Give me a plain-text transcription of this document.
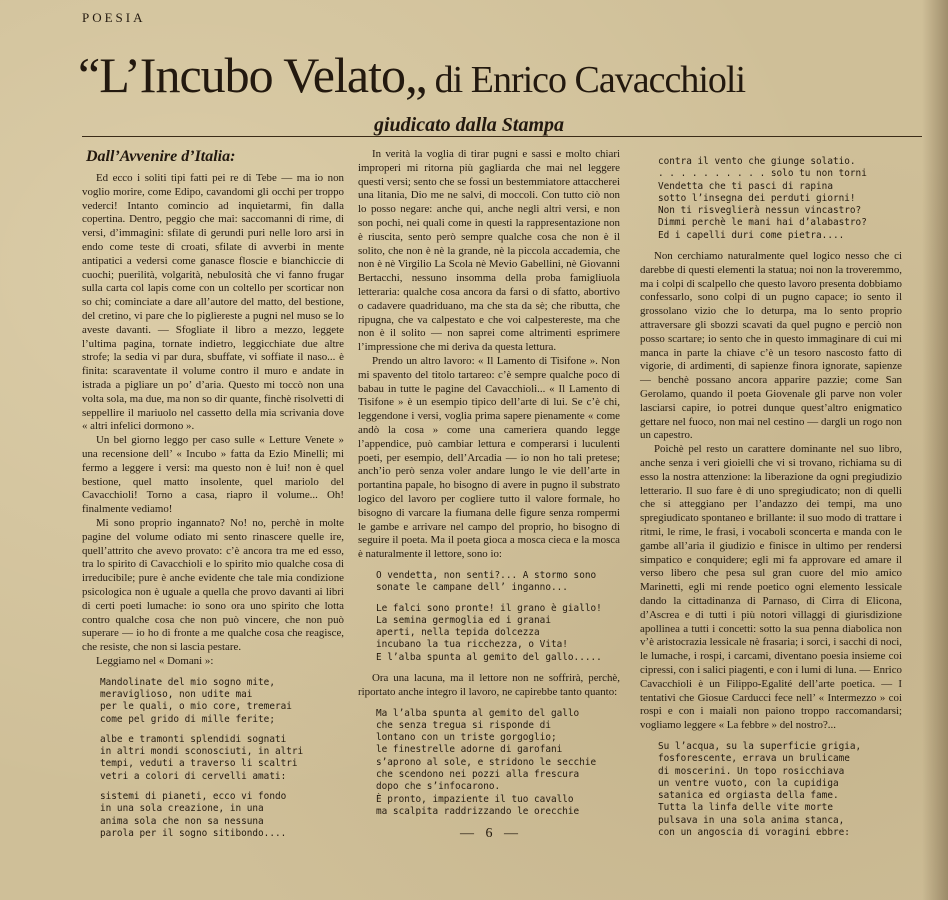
POESIA
“L’Incubo Velato„ di Enrico Cavacchioli
giudicato dalla Stampa

Dall’Avvenire d’Italia:

Ed ecco i soliti tipi fatti pei re di Tebe — ma io non voglio morire, come Edipo, cavandomi gli occhi per troppo vederci! Intanto comincio ad inquietarmi, fin dalla copertina. Dentro, peggio che mai: saccomanni di rime, di versi, d’immagini: sfilate di gerundi puri nelle loro arsi in endo come teste di croati, sfilate di avverbi in mente antipatici a vedersi come ganasce floscie e bianchiccie di cuochi; puerilità, volgarità, nebulosità che vi fanno frugar sulla carta col lapis come con un coltello per scorticar non so chi; cominciate a dare all’autore del matto, del bestione, del cretino, vi pare che lo piglìereste a pugni nel muso se lo aveste davanti. — Sfogliate il libro a mezzo, leggete l’ultima pagina, tornate indietro, leggicchiate due altre strofe; la sedia vi par dura, sbuffate, vi soffiate il naso... è finita: scaraventate il volume contro il muro e andate in istrada a pigliare un po’ d’aria. Questo mi toccò non una volta sola, ma due, ma non so dir quante, finchè risolvetti di seppellire il mariuolo nel cassetto della mia scrivania dove « altri infelici dormono ».

Un bel giorno leggo per caso sulle « Letture Venete » una recensione dell’ « Incubo » fatta da Ezio Minelli; mi fermo a leggere i versi: ma questo non è lui! non è quel bestione, quel matto insolente, quel mariolo del Cavacchioli! Torno a casa, riapro il volume... Oh! finalmente vediamo!

Mi sono proprio ingannato? No! no, perchè in molte pagine del volume odiato mi sento rinascere quelle ire, quell’attrito che avevo provato: c’è ancora tra me ed esso, tra lo spirito di Cavacchioli e lo spirito mio qualche cosa di irreducibile; pure è anche evidente che tale mia condizione psicologica non è uguale a quella che provo davanti ai libri di certi poeti lumache: io sono ora uno spirito che lotta contro qualche cosa che non può vincere, che non può superare — io ho di fronte a me qualche cosa che reagisce, che resiste, che non si lascia pestare.

Leggiamo nel « Domani »:

Mandolinate del mio sogno mite,
meraviglioso, non udite mai
per le quali, o mio core, tremerai
come pel grido di mille ferite;
albe e tramonti splendidi sognati
in altri mondi sconosciuti, in altri
tempi, veduti a traverso li scaltri
vetri a colori di cervelli amati:
sistemi di pianeti, ecco vi fondo
in una sola creazione, in una
anima sola che non sa nessuna
parola per il sogno sitibondo....

In verità la voglia di tirar pugni e sassi e molto chiari improperi mi ritorna più gagliarda che mai nel leggere questi versi; sento che se fossi un bestemmiatore attaccherei una litania, Dio me ne salvi, di moccoli. Con tutto ciò non lo posso negare: anche qui, anche negli altri versi, e non son pochi, nei quali come in questi la rappresentazione non è riuscita, sento però sempre qualche cosa che non è il solito, che non è nè la grande, nè la piccola accademia, che non è nè Virgilio La Scola nè Mevio Gabellini, nè Giovanni Bertacchi, nessuno insomma della proba famigliuola letteraria: qualche cosa ancora da farsi o di sfatto, abortivo o cadavere quadriduano, ma che sta da sè; che ributta, che ripugna, che va calpestato e che voi calpestereste, ma che non è il solito — non saprei come altrimenti esprimere l’impressione che mi deriva da questa lettura.

Prendo un altro lavoro: « Il Lamento di Tisifone ». Non mi spavento del titolo tartareo: c’è sempre qualche poco di babau in tutte le pagine del Cavacchioli... « Il Lamento di Tisifone » è un esempio tipico dell’arte di lui. Se c’è chi, leggendone i versi, voglia prima sapere pienamente « come andò la cosa » come una cameriera quando legge l’appendice, può cambiar lettura e comperarsi i luculenti poeti, per esempio, dell’Arcadia — io non ho tali pretese; anch’io però senza voler andare lungo le vie dell’arte in portantina papale, ho bisogno di avere in pugno il substrato logico del lavoro per cogliere tutto il valore formale, ho bisogno di varcare la fiumana delle figure senza rompermi le gambe e arrivare nel campo del proprio, ho bisogno di seguire il poeta. Ma il poeta gioca a mosca cieca e la mosca è naturalmente il lettore, sono io:

O vendetta, non senti?... A stormo sono
sonate le campane dell’ inganno...
Le falci sono pronte! il grano è giallo!
La semina germoglia ed i granai
aperti, nella tepida dolcezza
incubano la tua ricchezza, o Vita!
E l’alba spunta al gemito del gallo.....

Ora una lacuna, ma il lettore non ne soffrirà, perchè, riportato anche integro il lavoro, ne capirebbe tanto quanto:

Ma l’alba spunta al gemito del gallo
che senza tregua si risponde di
lontano con un triste gorgoglio;
le finestrelle adorne di garofani
s’aprono al sole, e stridono le secchie
che scendono nei pozzi alla frescura
dopo che s’infocarono.
È pronto, impaziente il tuo cavallo
ma scalpita raddrizzando le orecchie
contra il vento che giunge solatio.
. . . . . . . . . . solo tu non torni
Vendetta che ti pasci di rapina
sotto l’insegna dei perduti giorni!
Non ti risveglierà nessun vincastro?
Dimmi perchè le mani hai d’alabastro?
Ed i capelli duri come pietra....

Non cerchiamo naturalmente quel logico nesso che ci darebbe di questi elementi la statua; noi non la troveremmo, ma i colpi di scalpello che questo lavoro presenta dobbiamo confessarlo, sono colpi di un pugno capace; io sento il grossolano vizio che lo deturpa, ma lo sento proprio attraversare gli sbozzi scavati da quel pugno e perciò non posso scartare; io sento che in questo immaginare di cui mi manca in parte la chiave c’è un tesoro nascosto fatto di vigorie, di ardimenti, di sapienze finora ignorate, sapienze — benchè possano ancora apparire pazzie; come San Gerolamo, quando il poeta Giovenale gli parve non voler lasciarsi capire, io potrei dunque quest’altro enigmatico gettare nel fuoco, non mai nel cestino — dargli un rogo non un capestro.

Poichè pel resto un carattere dominante nel suo libro, anche senza i veri gioielli che vi si trovano, richiama su di esso la nostra attenzione: la liberazione da ogni pregiudizio letterario. Il suo fare è di uno spregiudicato; non di quelli che si atteggiano per l’andazzo dei tempi, ma uno spregiudicato spontaneo e brillante: il suo modo di trattare i ritmi, le rime, le frasi, i vocaboli sconcerta e manda con le gambe all’aria il giudizio e finisce in ultimo per rendersi simpatico e conquidere; egli mi fa approvare ed amare il verso libero che pesa sul gran cuore del mio amico Marinetti, egli mi rende poetico ogni elemento lessicale dando la cittadinanza di Parnaso, di Cirra di Elicona, d’Ascrea e di tutti i più notori villaggi di giurisdizione apollinea a tutti i concetti: sotto la sua penna diabolica non v’è aristocrazia lessicale nè frasaria; i sorci, i sacchi di noci, le lumache, i rospi, i carcami, diventano poesia insieme coi cipressi, con i salici piagenti, e con i lumi di luna. — Enrico Cavacchioli è un Filippo-Egalité dell’arte poetica. — I tentativi che Giosue Carducci fece nell’ « Intermezzo » coi rospi e con i maiali non paiono troppo raccomandarsi; vogliamo leggere « La febbre » del nostro?...

Su l’acqua, su la superficie grigia,
fosforescente, errava un brulicame
di moscerini. Un topo rosicchiava
un ventre vuoto, con la cupidiga
satanica ed orgiasta della fame.
Tutta la linfa delle vite morte
pulsava in una sola anima stanca,
con un angoscia di voragini ebbre:
— 6 —
